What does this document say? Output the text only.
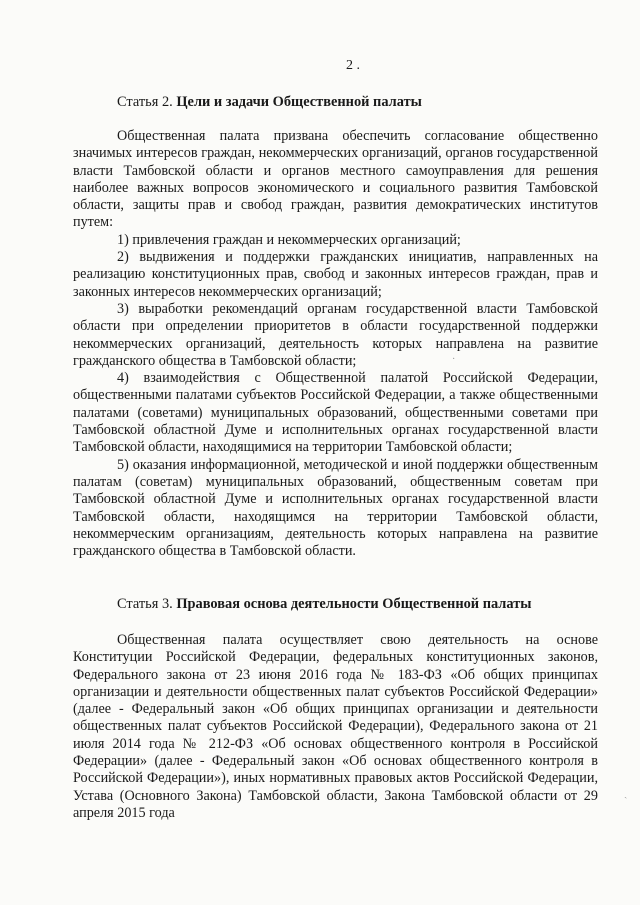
2 .
Статья 2. Цели и задачи Общественной палаты

Общественная палата призвана обеспечить согласование общественно значимых интересов граждан, некоммерческих организаций, органов государственной власти Тамбовской области и органов местного самоуправления для решения наиболее важных вопросов экономического и социального развития Тамбовской области, защиты прав и свобод граждан, развития демократических институтов путем:

1) привлечения граждан и некоммерческих организаций;

2) выдвижения и поддержки гражданских инициатив, направленных на реализацию конституционных прав, свобод и законных интересов граждан, прав и законных интересов некоммерческих организаций;

3) выработки рекомендаций органам государственной власти Тамбовской области при определении приоритетов в области государственной поддержки некоммерческих организаций, деятельность которых направлена на развитие гражданского общества в Тамбовской области;

4) взаимодействия с Общественной палатой Российской Федерации, общественными палатами субъектов Российской Федерации, а также общественными палатами (советами) муниципальных образований, общественными советами при Тамбовской областной Думе и исполнительных органах государственной власти Тамбовской области, находящимися на территории Тамбовской области;

5) оказания информационной, методической и иной поддержки общественным палатам (советам) муниципальных образований, общественным советам при Тамбовской областной Думе и исполнительных органах государственной власти Тамбовской области, находящимся на территории Тамбовской области, некоммерческим организациям, деятельность которых направлена на развитие гражданского общества в Тамбовской области.

Статья 3. Правовая основа деятельности Общественной палаты

Общественная палата осуществляет свою деятельность на основе Конституции Российской Федерации, федеральных конституционных законов, Федерального закона от 23 июня 2016 года № 183-ФЗ «Об общих принципах организации и деятельности общественных палат субъектов Российской Федерации» (далее - Федеральный закон «Об общих принципах организации и деятельности общественных палат субъектов Российской Федерации), Федерального закона от 21 июля 2014 года № 212-ФЗ «Об основах общественного контроля в Российской Федерации» (далее - Федеральный закон «Об основах общественного контроля в Российской Федерации»), иных нормативных правовых актов Российской Федерации, Устава (Основного Закона) Тамбовской области, Закона Тамбовской области от 29 апреля 2015 года

·
ˎ
